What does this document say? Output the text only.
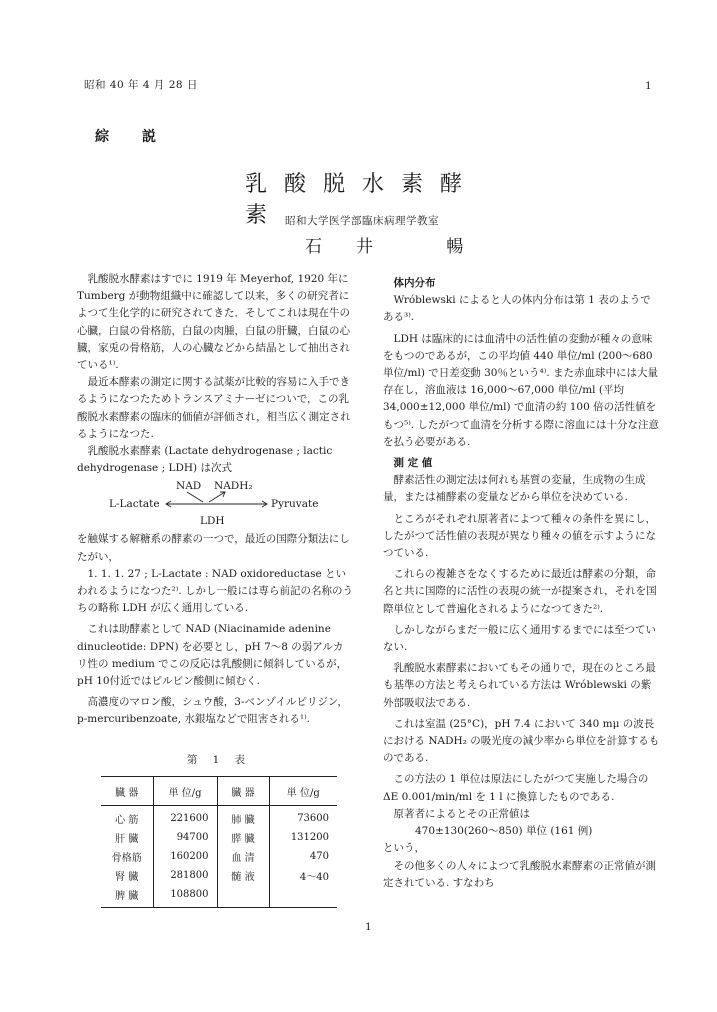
昭和 40 年 4 月 28 日	1
綜 説
乳酸脱水素酵素 昭和大学医学部臨床病理学教室
石井 暢

乳酸脱水酵素はすでに 1919 年 Meyerhof, 1920 年に Tumberg が動物組織中に確認して以来，多くの研究者によつて生化学的に研究されてきた．そしてこれは現在牛の心臓，白鼠の骨格筋，白鼠の肉腫，白鼠の肝臓，白鼠の心臓，家兎の骨格筋，人の心臓などから結晶として抽出されている¹⁾.

最近本酵素の測定に関する試薬が比較的容易に入手できるようになつたためトランスアミナーゼについで，この乳酸脱水素酵素の臨床的価値が評価され，相当広く測定されるようになつた.

乳酸脱水素酵素 (Lactate dehydrogenase ; lactic dehydrogenase ; LDH) は次式

NAD NADH₂
L-Lactate	Pyruvate
LDH

を触媒する解糖系の酵素の一つで，最近の国際分類法にしたがい，

1. 1. 1. 27 ; L-Lactate : NAD oxidoreductase といわれるようになつた²⁾. しかし一般には専ら前記の名称のうちの略称 LDH が広く通用している.

これは助酵素として NAD (Niacinamide adenine dinucleotide: DPN) を必要とし，pH 7～8 の弱アルカリ性の medium でこの反応は乳酸側に傾斜しているが，pH 10付近ではピルビン酸側に傾むく.

高濃度のマロン酸，シュウ酸，3-ベンゾイルピリジン，p-mercuribenzoate, 水銀塩などで阻害される¹⁾.

第 1 表
臓 器	単 位/g	臓 器	単 位/g
心 筋	221600	肺 臓	73600
肝 臓	94700	膵 臓	131200
骨格筋	160200	血 清	470
腎 臓	281800	髄 液	4～40
脾 臓	108800		

体内分布

Wróblewski によると人の体内分布は第 1 表のようである³⁾.

LDH は臨床的には血清中の活性値の変動が種々の意味をもつのであるが，この平均値 440 単位/ml (200～680 単位/ml) で日差変動 30％という⁴⁾. また赤血球中には大量存在し，溶血液は 16,000～67,000 単位/ml (平均 34,000±12,000 単位/ml) で血清の約 100 倍の活性値をもつ⁵⁾. したがつて血清を分析する際に溶血には十分な注意を払う必要がある.

測 定 値

酵素活性の測定法は何れも基質の変量，生成物の生成量，または補酵素の変量などから単位を決めている.

ところがそれぞれ原著者によつて種々の条件を異にし，したがつて活性値の表現が異なり種々の値を示すようになつている.

これらの複雑さをなくするために最近は酵素の分類，命名と共に国際的に活性の表現の統一が提案され，それを国際単位として普遍化されるようになつてきた²⁾.

しかしながらまだ一般に広く通用するまでには至つていない.

乳酸脱水素酵素においてもその通りで，現在のところ最も基準の方法と考えられている方法は Wróblewski の紫外部吸収法である.

これは室温 (25°C)，pH 7.4 において 340 mμ の波長における NADH₂ の吸光度の減少率から単位を計算するものである.

この方法の 1 単位は原法にしたがつて実施した場合の ΔE 0.001/min/ml を 1 l に換算したものである.

原著者によるとその正常値は

470±130(260～850) 単位 (161 例)

という，

その他多くの人々によつて乳酸脱水素酵素の正常値が測定されている. すなわち

1
